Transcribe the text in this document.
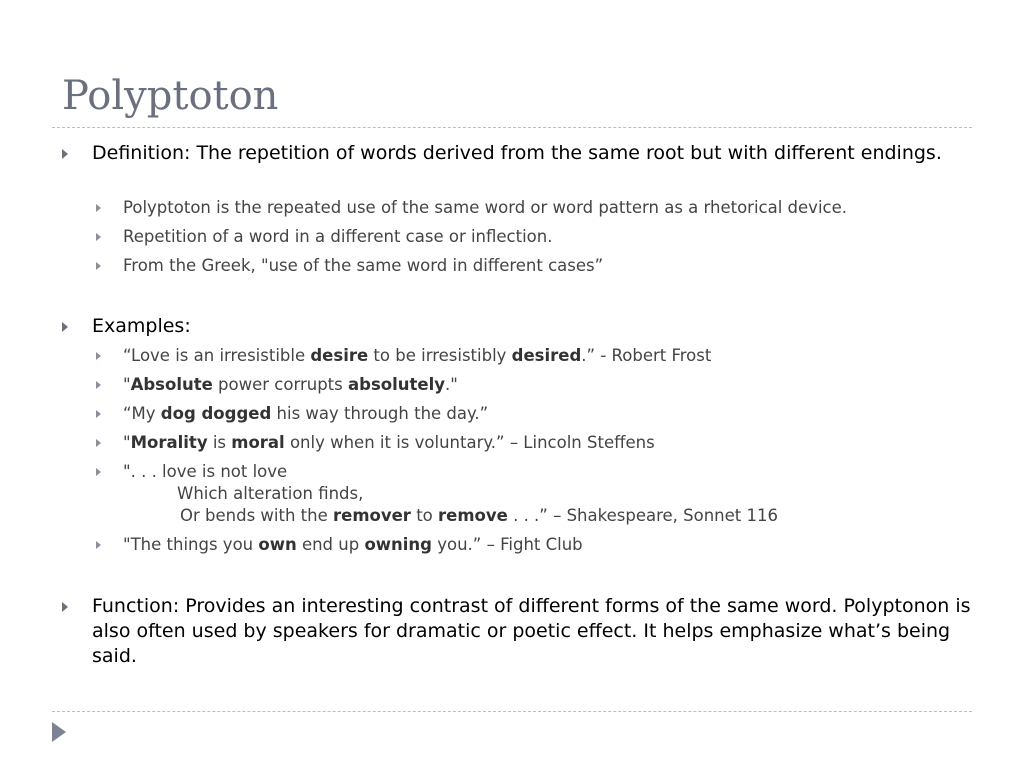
Polyptoton
Definition: The repetition of words derived from the same root but with different endings.
Polyptoton is the repeated use of the same word or word pattern as a rhetorical device.
Repetition of a word in a different case or inflection.
From the Greek, "use of the same word in different cases”
Examples:
“Love is an irresistible desire to be irresistibly desired.” - Robert Frost
"Absolute power corrupts absolutely."
“My dog dogged his way through the day.”
"Morality is moral only when it is voluntary.” – Lincoln Steffens
". . . love is not love
Which alteration finds,
Or bends with the remover to remove . . .” – Shakespeare, Sonnet 116
"The things you own end up owning you.” – Fight Club
Function: Provides an interesting contrast of different forms of the same word. Polyptonon is also often used by speakers for dramatic or poetic effect. It helps emphasize what’s being said.
